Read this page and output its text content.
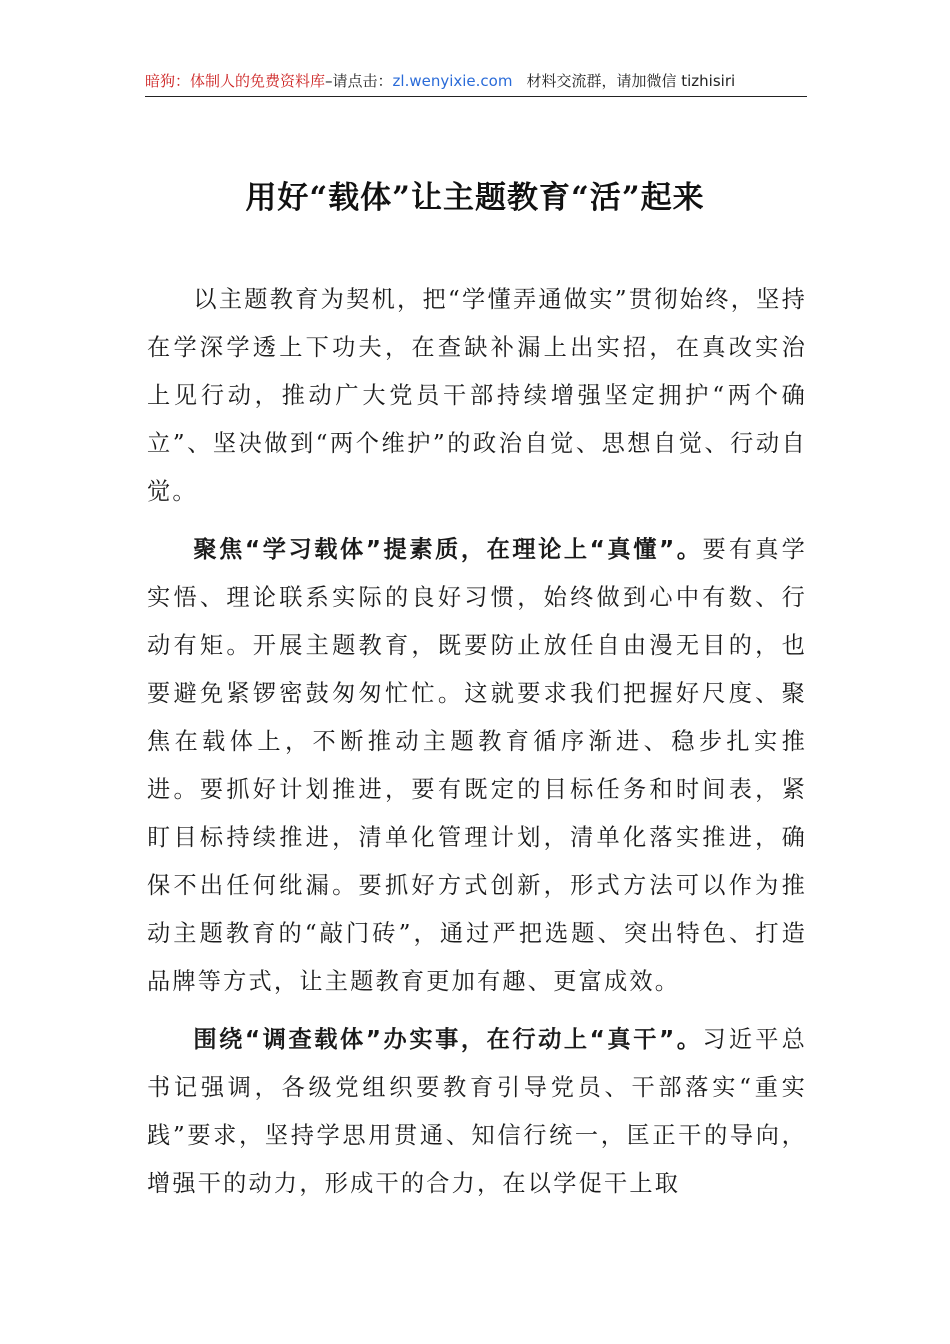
暗狗：体制人的免费资料库–请点击：zl.wenyixie.com 材料交流群，请加微信 tizhisiri
用好“载体”让主题教育“活”起来

以主题教育为契机，把“学懂弄通做实”贯彻始终，坚持在学深学透上下功夫，在查缺补漏上出实招，在真改实治上见行动，推动广大党员干部持续增强坚定拥护“两个确立”、坚决做到“两个维护”的政治自觉、思想自觉、行动自觉。

聚焦“学习载体”提素质，在理论上“真懂”。要有真学实悟、理论联系实际的良好习惯，始终做到心中有数、行动有矩。开展主题教育，既要防止放任自由漫无目的，也要避免紧锣密鼓匆匆忙忙。这就要求我们把握好尺度、聚焦在载体上，不断推动主题教育循序渐进、稳步扎实推进。要抓好计划推进，要有既定的目标任务和时间表，紧盯目标持续推进，清单化管理计划，清单化落实推进，确保不出任何纰漏。要抓好方式创新，形式方法可以作为推动主题教育的“敲门砖”，通过严把选题、突出特色、打造品牌等方式，让主题教育更加有趣、更富成效。

围绕“调查载体”办实事，在行动上“真干”。习近平总书记强调，各级党组织要教育引导党员、干部落实“重实践”要求，坚持学思用贯通、知信行统一，匡正干的导向，增强干的动力，形成干的合力，在以学促干上取
